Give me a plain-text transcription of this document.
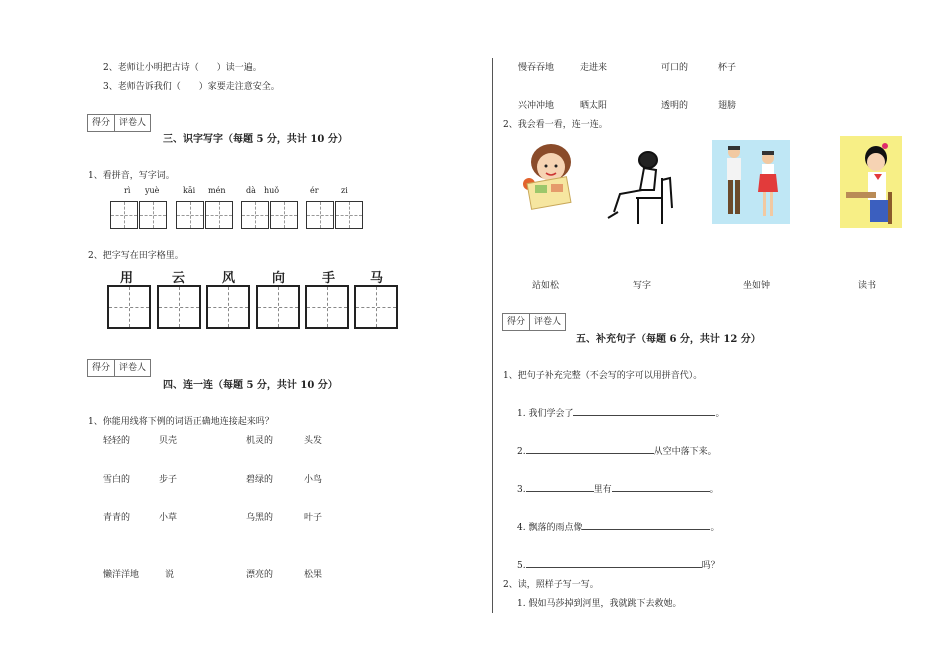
2、老师让小明把古诗（　　）读一遍。
3、老师告诉我们（　　）家要走注意安全。
得分	评卷人
三、识字写字（每题 5 分，共计 10 分）
1、看拼音，写字词。
rì yuè	kāi mén	dà huǒ	ér	zi
2、把字写在田字格里。
用	云	风	向	手	马
得分	评卷人
四、连一连（每题 5 分，共计 10 分）
1、你能用线将下例的词语正确地连接起来吗？
轻轻的	贝壳	机灵的	头发
雪白的	步子	碧绿的	小鸟
青青的	小草	乌黑的	叶子
懒洋洋地	说	漂亮的	松果
慢吞吞地	走进来	可口的	杯子
兴冲冲地	晒太阳	透明的	翅膀
2、我会看一看，连一连。
站如松	写字	坐如钟	读书
得分	评卷人
五、补充句子（每题 6 分，共计 12 分）
1、把句子补充完整（不会写的字可以用拼音代）。
1. 我们学会了	。
2.	从空中落下来。
3.	里有	。
4. 飘落的雨点像	。
5.	吗？
2、读，照样子写一写。
1. 假如马莎掉到河里，我就跳下去救她。
